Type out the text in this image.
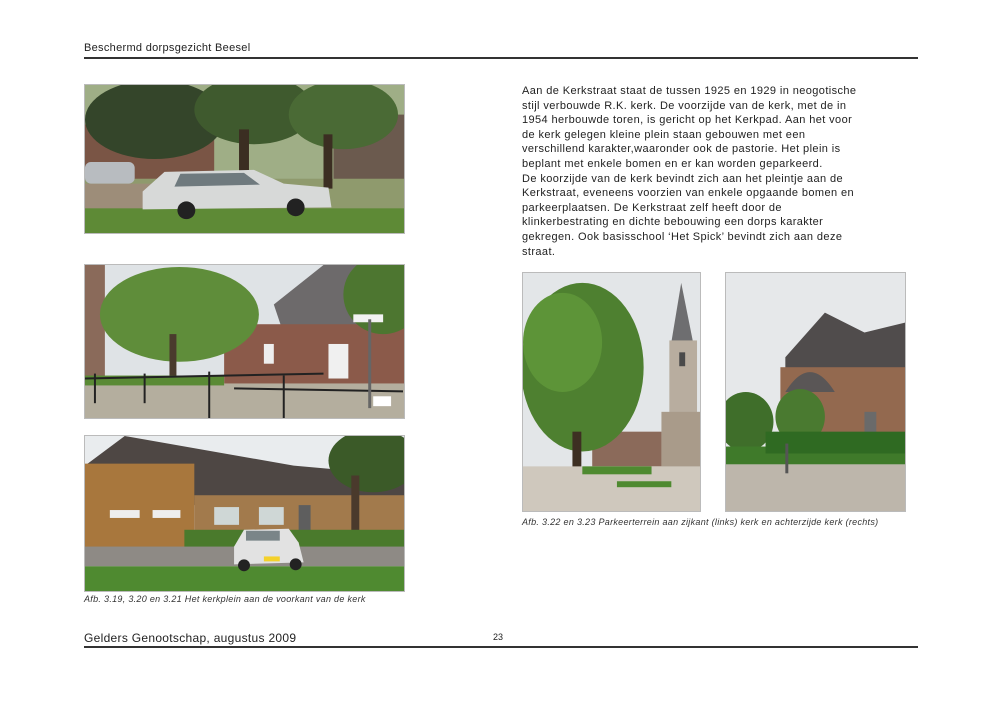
Beschermd dorpsgezicht Beesel
Afb. 3.19, 3.20 en 3.21 Het kerkplein aan de voorkant van de kerk
Aan de Kerkstraat staat de tussen 1925 en 1929 in neogotische
stijl verbouwde R.K. kerk. De voorzijde van de kerk, met de in
1954 herbouwde toren, is gericht op het Kerkpad. Aan het voor
de kerk gelegen kleine plein staan gebouwen met een
verschillend karakter,waaronder ook de pastorie. Het plein is
beplant met enkele bomen en er kan worden geparkeerd.
De koorzijde van de kerk bevindt zich aan het pleintje aan de
Kerkstraat, eveneens voorzien van enkele opgaande bomen en
parkeerplaatsen. De Kerkstraat zelf heeft door de
klinkerbestrating en dichte bebouwing een dorps karakter
gekregen. Ook basisschool ‘Het Spick’ bevindt zich aan deze
straat.
Afb. 3.22 en 3.23 Parkeerterrein aan zijkant (links) kerk en achterzijde kerk (rechts)
Gelders Genootschap, augustus 2009	23
